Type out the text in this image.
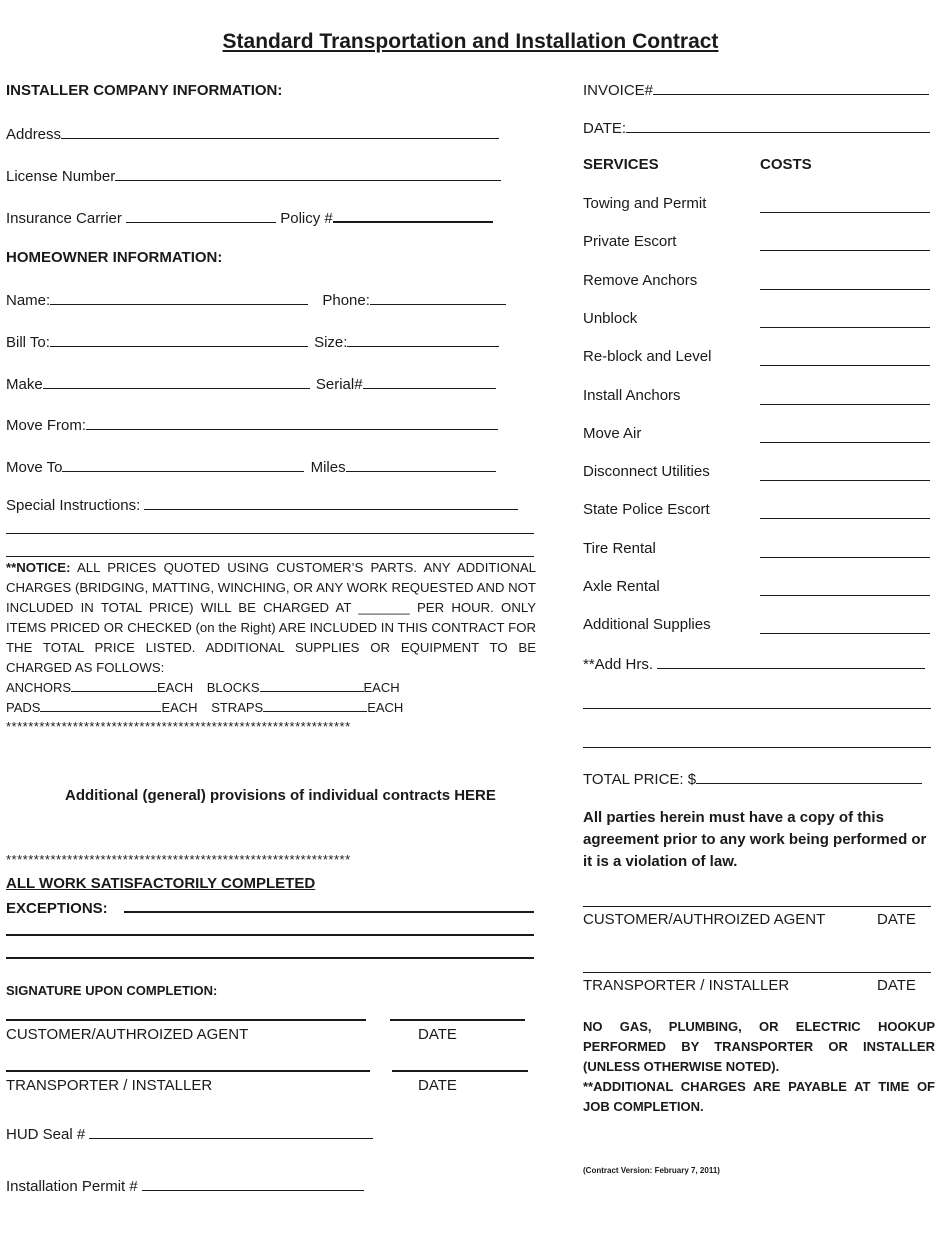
Standard Transportation and Installation Contract
INSTALLER COMPANY INFORMATION:
Address
License Number
Insurance Carrier	Policy #
HOMEOWNER INFORMATION:
Name:	Phone:
Bill To:	Size:
Make	Serial#
Move From:
Move To	Miles
Special Instructions:

**NOTICE: ALL PRICES QUOTED USING CUSTOMER’S PARTS. ANY ADDITIONAL CHARGES (BRIDGING, MATTING, WINCHING, OR ANY WORK REQUESTED AND NOT INCLUDED IN TOTAL PRICE) WILL BE CHARGED AT _______ PER HOUR. ONLY ITEMS PRICED OR CHECKED (on the Right) ARE INCLUDED IN THIS CONTRACT FOR THE TOTAL PRICE LISTED. ADDITIONAL SUPPLIES OR EQUIPMENT TO BE CHARGED AS FOLLOWS:

ANCHORS	EACH BLOCKS	EACH
PADS	EACH STRAPS	EACH
**************************************************************
Additional (general) provisions of individual contracts HERE
**************************************************************
ALL WORK SATISFACTORILY COMPLETED
EXCEPTIONS:
SIGNATURE UPON COMPLETION:
CUSTOMER/AUTHROIZED AGENT	DATE
TRANSPORTER / INSTALLER	DATE
HUD Seal #
Installation Permit #
INVOICE#
DATE:
SERVICES	COSTS
Towing and Permit
Private Escort
Remove Anchors
Unblock
Re-block and Level
Install Anchors
Move Air
Disconnect Utilities
State Police Escort
Tire Rental
Axle Rental
Additional Supplies
**Add Hrs.
TOTAL PRICE: $
All parties herein must have a copy of this agreement prior to any work being performed or it is a violation of law.
CUSTOMER/AUTHROIZED AGENT	DATE
TRANSPORTER / INSTALLER	DATE
NO GAS, PLUMBING, OR ELECTRIC HOOKUP PERFORMED BY TRANSPORTER OR INSTALLER (UNLESS OTHERWISE NOTED).
**ADDITIONAL CHARGES ARE PAYABLE AT TIME OF JOB COMPLETION.
(Contract Version: February 7, 2011)
